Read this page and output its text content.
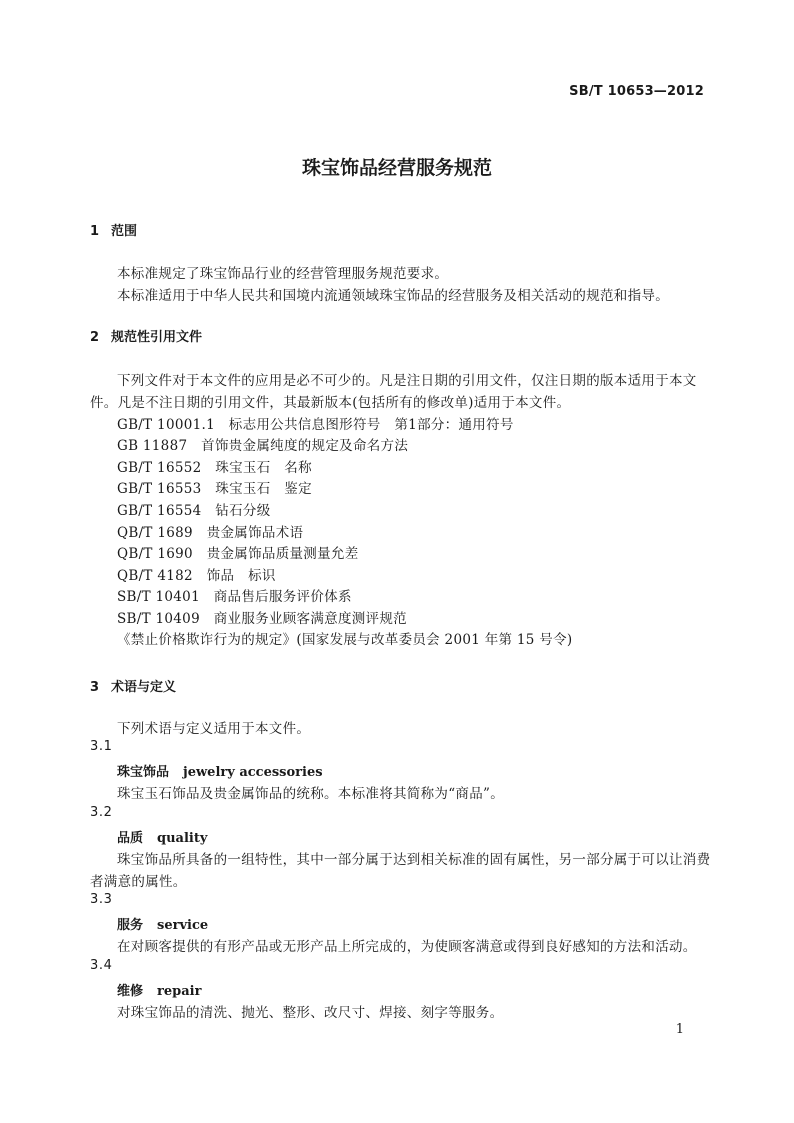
SB/T 10653—2012
珠宝饰品经营服务规范
1 范围
本标准规定了珠宝饰品行业的经营管理服务规范要求。
本标准适用于中华人民共和国境内流通领域珠宝饰品的经营服务及相关活动的规范和指导。
2 规范性引用文件
下列文件对于本文件的应用是必不可少的。凡是注日期的引用文件，仅注日期的版本适用于本文
件。凡是不注日期的引用文件，其最新版本(包括所有的修改单)适用于本文件。
GB/T 10001.1　标志用公共信息图形符号　第1部分：通用符号
GB 11887　首饰贵金属纯度的规定及命名方法
GB/T 16552　珠宝玉石　名称
GB/T 16553　珠宝玉石　鉴定
GB/T 16554　钻石分级
QB/T 1689　贵金属饰品术语
QB/T 1690　贵金属饰品质量测量允差
QB/T 4182　饰品　标识
SB/T 10401　商品售后服务评价体系
SB/T 10409　商业服务业顾客满意度测评规范
《禁止价格欺诈行为的规定》(国家发展与改革委员会 2001 年第 15 号令)
3 术语与定义
下列术语与定义适用于本文件。
3.1
珠宝饰品 jewelry accessories
珠宝玉石饰品及贵金属饰品的统称。本标准将其简称为“商品”。
3.2
品质 quality
珠宝饰品所具备的一组特性，其中一部分属于达到相关标准的固有属性，另一部分属于可以让消费
者满意的属性。
3.3
服务 service
在对顾客提供的有形产品或无形产品上所完成的，为使顾客满意或得到良好感知的方法和活动。
3.4
维修 repair
对珠宝饰品的清洗、抛光、整形、改尺寸、焊接、刻字等服务。
1
